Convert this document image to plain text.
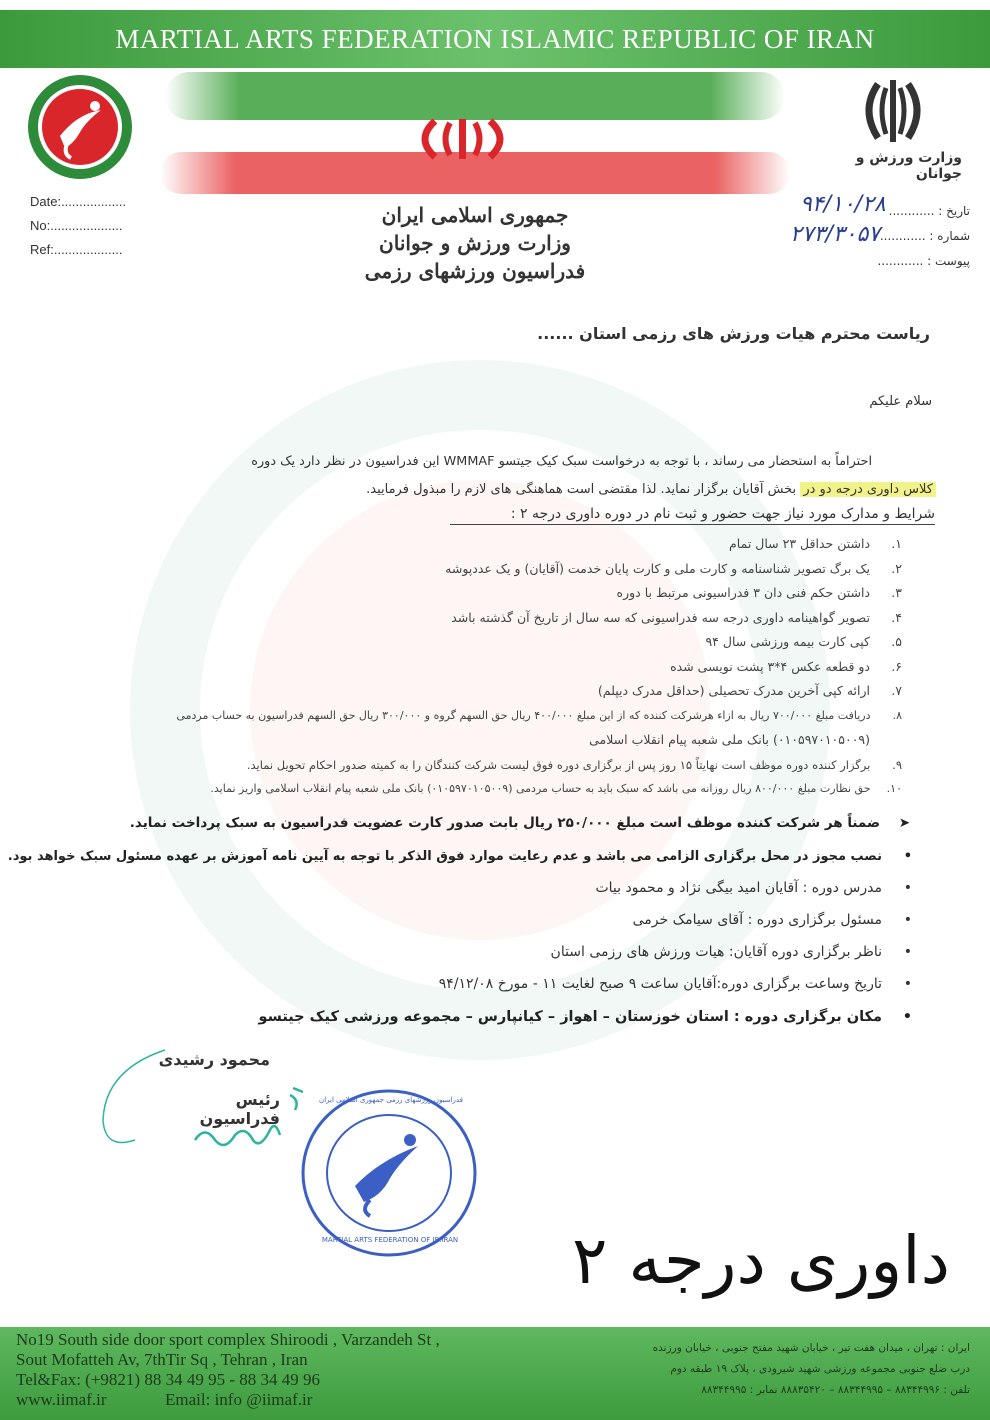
MARTIAL ARTS FEDERATION ISLAMIC REPUBLIC OF IRAN
وزارت ورزش و جوانان
جمهوری اسلامی ایران
وزارت ورزش و جوانان
فدراسیون ورزشهای رزمی
Date:..................
No:....................
Ref:...................
تاریخ : ............
شماره : ............
پیوست : ............
۹۴/۱۰/۲۸
۲۷۳/۳۰۵۷
ریاست محترم هیات ورزش های رزمی استان ......
سلام علیکم
احتراماً به استحضار می رساند ، با توجه به درخواست سبک کیک جیتسو WMMAF این فدراسیون در نظر دارد یک دوره
کلاس داوری درجه دو در بخش آقایان برگزار نماید. لذا مقتضی است هماهنگی های لازم را مبذول فرمایید.
شرایط و مدارک مورد نیاز جهت حضور و ثبت نام در دوره داوری درجه ۲ :
۱. داشتن حداقل ۲۳ سال تمام
۲. یک برگ تصویر شناسنامه و کارت ملی و کارت پایان خدمت (آقایان) و یک عددپوشه
۳. داشتن حکم فنی دان ۳ فدراسیونی مرتبط با دوره
۴. تصویر گواهینامه داوری درجه سه فدراسیونی که سه سال از تاریخ آن گذشته باشد
۵. کپی کارت بیمه ورزشی سال ۹۴
۶. دو قطعه عکس ۴*۳ پشت نویسی شده
۷. ارائه کپی آخرین مدرک تحصیلی (حداقل مدرک دیپلم)
۸. دریافت مبلغ ۷۰۰/۰۰۰ ریال به ازاء هرشرکت کننده که از این مبلغ ۴۰۰/۰۰۰ ریال حق السهم گروه و ۳۰۰/۰۰۰ ریال حق السهم فدراسیون به حساب مردمی
(۰۱۰۵۹۷۰۱۰۵۰۰۹) بانک ملی شعبه پیام انقلاب اسلامی
۹. برگزار کننده دوره موظف است نهایتاً ۱۵ روز پس از برگزاری دوره فوق لیست شرکت کنندگان را به کمیته صدور احکام تحویل نماید.
۱۰. حق نظارت مبلغ ۸۰۰/۰۰۰ ریال روزانه می باشد که سبک باید به حساب مردمی (۰۱۰۵۹۷۰۱۰۵۰۰۹) بانک ملی شعبه پیام انقلاب اسلامی واریز نماید.
➤ضمناً هر شرکت کننده موظف است مبلغ ۲۵۰/۰۰۰ ریال بابت صدور کارت عضویت فدراسیون به سبک پرداخت نماید.
•نصب مجوز در محل برگزاری الزامی می باشد و عدم رعایت موارد فوق الذکر با توجه به آیین نامه آموزش بر عهده مسئول سبک خواهد بود.
•مدرس دوره : آقایان امید بیگی نژاد و محمود بیات
•مسئول برگزاری دوره : آقای سیامک خرمی
•ناظر برگزاری دوره آقایان: هیات ورزش های رزمی استان
•تاریخ وساعت برگزاری دوره:آقایان ساعت ۹ صبح لغایت ۱۱ - مورخ ۹۴/۱۲/۰۸
•مکان برگزاری دوره : استان خوزستان – اهواز – کیانپارس – مجموعه ورزشی کیک جیتسو
محمود رشیدی
رئیس فدراسیون
MARTIAL ARTS FEDERATION OF IR.IRAN
فدراسیون ورزشهای رزمی جمهوری اسلامی ایران
داوری درجه ۲
No19 South side door sport complex Shiroodi , Varzandeh St ,
Sout Mofatteh Av, 7thTir Sq , Tehran , Iran
Tel&Fax: (+9821) 88 34 49 95 - 88 34 49 96
www.iimaf.ir	Email: info @iimaf.ir
ایران : تهران ، میدان هفت تیر ، خیابان شهید مفتح جنوبی ، خیابان ورزنده
درب ضلع جنوبی مجموعه ورزشی شهید شیرودی ، پلاک ۱۹ طبقه دوم
تلفن : ۸۸۳۴۴۹۹۶ – ۸۸۳۴۴۹۹۵ – ۸۸۸۳۵۴۲۰ نمابر : ۸۸۳۴۴۹۹۵
